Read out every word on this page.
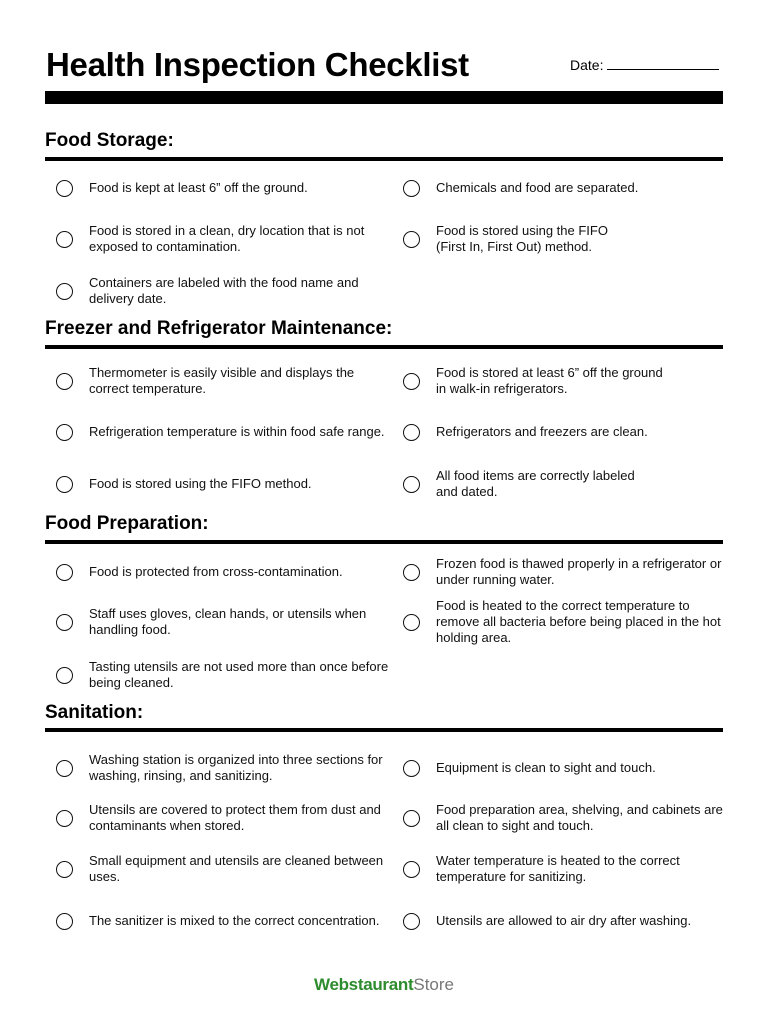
Health Inspection Checklist	Date:
Food Storage:
Food is kept at least 6” off the ground.	Chemicals and food are separated.
Food is stored in a clean, dry location that is not exposed to contamination.
Food is stored using the FIFO
(First In, First Out) method.
Containers are labeled with the food name and delivery date.
Freezer and Refrigerator Maintenance:
Thermometer is easily visible and displays the correct temperature.
Food is stored at least 6” off the ground
in walk-in refrigerators.
Refrigeration temperature is within food safe range.	Refrigerators and freezers are clean.
Food is stored using the FIFO method.
All food items are correctly labeled
and dated.
Food Preparation:
Food is protected from cross-contamination.
Frozen food is thawed properly in a refrigerator or under running water.
Staff uses gloves, clean hands, or utensils when handling food.
Food is heated to the correct temperature to remove all bacteria before being placed in the hot holding area.
Tasting utensils are not used more than once before being cleaned.
Sanitation:
Washing station is organized into three sections for washing, rinsing, and sanitizing.
Equipment is clean to sight and touch.
Utensils are covered to protect them from dust and contaminants when stored.
Food preparation area, shelving, and cabinets are all clean to sight and touch.
Small equipment and utensils are cleaned between uses.
Water temperature is heated to the correct temperature for sanitizing.
The sanitizer is mixed to the correct concentration.	Utensils are allowed to air dry after washing.
WebstaurantStore
